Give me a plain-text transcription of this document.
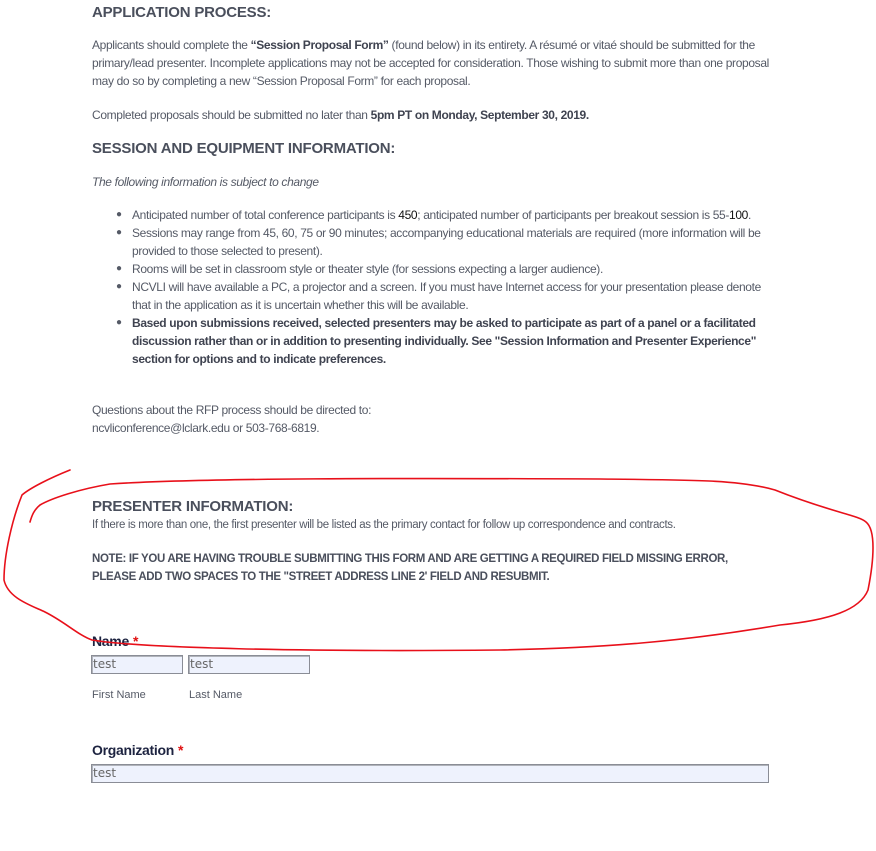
APPLICATION PROCESS:

Applicants should complete the “Session Proposal Form” (found below) in its entirety. A résumé or vitaé should be submitted for the primary/lead presenter. Incomplete applications may not be accepted for consideration. Those wishing to submit more than one proposal may do so by completing a new “Session Proposal Form” for each proposal.

Completed proposals should be submitted no later than 5pm PT on Monday, September 30, 2019.

SESSION AND EQUIPMENT INFORMATION:

The following information is subject to change

● Anticipated number of total conference participants is 450; anticipated number of participants per breakout session is 55-100.
● Sessions may range from 45, 60, 75 or 90 minutes; accompanying educational materials are required (more information will be provided to those selected to present).
● Rooms will be set in classroom style or theater style (for sessions expecting a larger audience).
● NCVLI will have available a PC, a projector and a screen. If you must have Internet access for your presentation please denote that in the application as it is uncertain whether this will be available.
● Based upon submissions received, selected presenters may be asked to participate as part of a panel or a facilitated discussion rather than or in addition to presenting individually. See "Session Information and Presenter Experience" section for options and to indicate preferences.

Questions about the RFP process should be directed to:

ncvliconference@lclark.edu or 503-768-6819.

PRESENTER INFORMATION:

If there is more than one, the first presenter will be listed as the primary contact for follow up correspondence and contracts.

NOTE: IF YOU ARE HAVING TROUBLE SUBMITTING THIS FORM AND ARE GETTING A REQUIRED FIELD MISSING ERROR, PLEASE ADD TWO SPACES TO THE "STREET ADDRESS LINE 2' FIELD AND RESUBMIT.

Name *
test	test
First Name	Last Name
Organization *
test
